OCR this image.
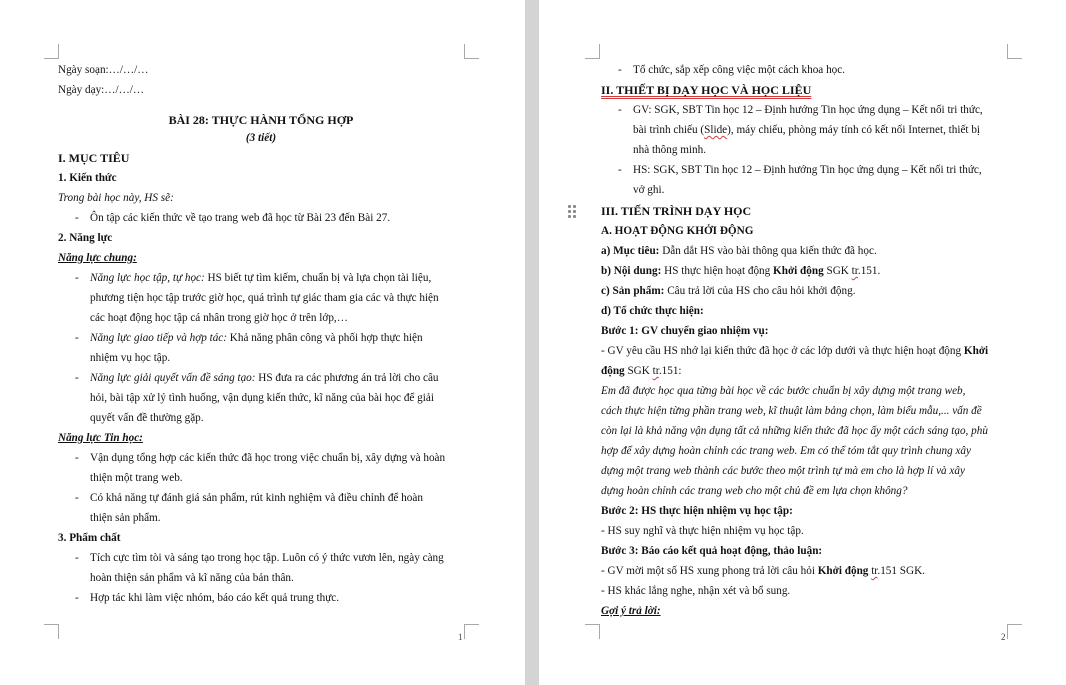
Ngày soạn:…/…/…

Ngày dạy:…/…/…

BÀI 28: THỰC HÀNH TỔNG HỢP

(3 tiết)

I. MỤC TIÊU

1. Kiến thức

Trong bài học này, HS sẽ:

- Ôn tập các kiến thức về tạo trang web đã học từ Bài 23 đến Bài 27.

2. Năng lực

Năng lực chung:

- Năng lực học tập, tự học: HS biết tự tìm kiếm, chuẩn bị và lựa chọn tài liệu,
phương tiện học tập trước giờ học, quá trình tự giác tham gia các và thực hiện
các hoạt động học tập cá nhân trong giờ học ở trên lớp,…
- Năng lực giao tiếp và hợp tác: Khả năng phân công và phối hợp thực hiện
nhiệm vụ học tập.
- Năng lực giải quyết vấn đề sáng tạo: HS đưa ra các phương án trả lời cho câu
hỏi, bài tập xử lý tình huống, vận dụng kiến thức, kĩ năng của bài học để giải
quyết vấn đề thường gặp.

Năng lực Tin học:

- Vận dụng tổng hợp các kiến thức đã học trong việc chuẩn bị, xây dựng và hoàn
thiện một trang web.
- Có khả năng tự đánh giá sản phẩm, rút kinh nghiệm và điều chỉnh để hoàn
thiện sản phẩm.

3. Phẩm chất

- Tích cực tìm tòi và sáng tạo trong học tập. Luôn có ý thức vươn lên, ngày càng
hoàn thiện sản phẩm và kĩ năng của bản thân.
- Hợp tác khi làm việc nhóm, báo cáo kết quả trung thực.
1

- Tổ chức, sắp xếp công việc một cách khoa học.

II. THIẾT BỊ DẠY HỌC VÀ HỌC LIỆU

- GV: SGK, SBT Tin học 12 – Định hướng Tin học ứng dụng – Kết nối tri thức,
bài trình chiếu (Slide), máy chiếu, phòng máy tính có kết nối Internet, thiết bị
nhà thông minh.
- HS: SGK, SBT Tin học 12 – Định hướng Tin học ứng dụng – Kết nối tri thức,
vở ghi.

III. TIẾN TRÌNH DẠY HỌC

A. HOẠT ĐỘNG KHỞI ĐỘNG

a) Mục tiêu: Dẫn dắt HS vào bài thông qua kiến thức đã học.

b) Nội dung: HS thực hiện hoạt động Khởi động SGK tr.151.

c) Sản phẩm: Câu trả lời của HS cho câu hỏi khởi động.

d) Tổ chức thực hiện:

Bước 1: GV chuyển giao nhiệm vụ:

- GV yêu cầu HS nhớ lại kiến thức đã học ở các lớp dưới và thực hiện hoạt động Khởi
động SGK tr.151:

Em đã được học qua từng bài học về các bước chuẩn bị xây dựng một trang web,
cách thực hiện từng phần trang web, kĩ thuật làm bảng chọn, làm biểu mẫu,... vấn đề
còn lại là khả năng vận dụng tất cả những kiến thức đã học ấy một cách sáng tạo, phù
hợp để xây dựng hoàn chỉnh các trang web. Em có thể tóm tắt quy trình chung xây
dựng một trang web thành các bước theo một trình tự mà em cho là hợp lí và xây
dựng hoàn chỉnh các trang web cho một chủ đề em lựa chọn không?

Bước 2: HS thực hiện nhiệm vụ học tập:

- HS suy nghĩ và thực hiện nhiệm vụ học tập.

Bước 3: Báo cáo kết quả hoạt động, thảo luận:

- GV mời một số HS xung phong trả lời câu hỏi Khởi động tr.151 SGK.

- HS khác lắng nghe, nhận xét và bổ sung.

Gợi ý trả lời:

2
